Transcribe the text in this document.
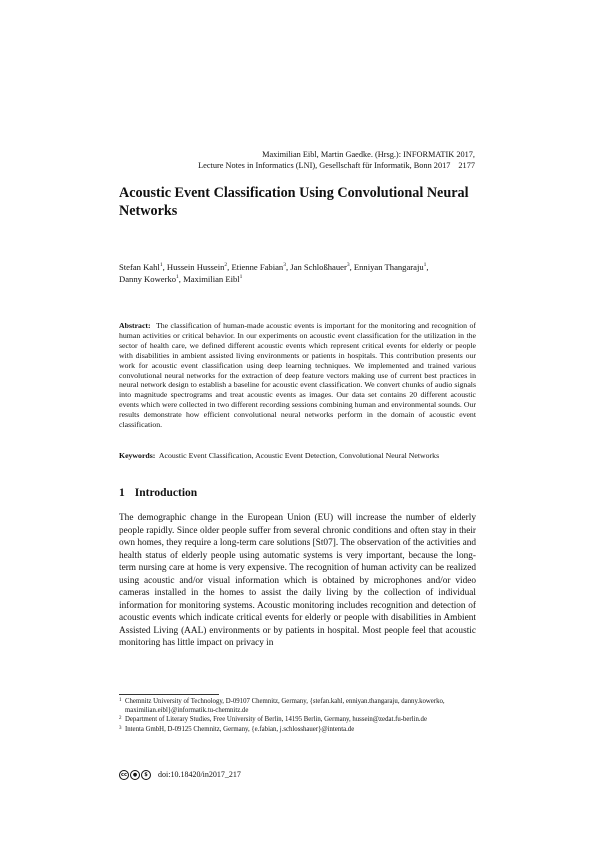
Maximilian Eibl, Martin Gaedke. (Hrsg.): INFORMATIK 2017,
Lecture Notes in Informatics (LNI), Gesellschaft für Informatik, Bonn 2017 2177
Acoustic Event Classification Using Convolutional Neural Networks
Stefan Kahl$^1$, Hussein Hussein$^2$, Etienne Fabian$^3$, Jan Schloßhauer$^3$, Enniyan Thangaraju$^1$, Danny Kowerko$^1$, Maximilian Eibl$^1$

Abstract: The classification of human-made acoustic events is important for the monitoring and recognition of human activities or critical behavior. In our experiments on acoustic event classification for the utilization in the sector of health care, we defined different acoustic events which represent critical events for elderly or people with disabilities in ambient assisted living environments or patients in hospitals. This contribution presents our work for acoustic event classification using deep learning techniques. We implemented and trained various convolutional neural networks for the extraction of deep feature vectors making use of current best practices in neural network design to establish a baseline for acoustic event classification. We convert chunks of audio signals into magnitude spectrograms and treat acoustic events as images. Our data set contains 20 different acoustic events which were collected in two different recording sessions combining human and environmental sounds. Our results demonstrate how efficient convolutional neural networks perform in the domain of acoustic event classification.

Keywords: Acoustic Event Classification, Acoustic Event Detection, Convolutional Neural Networks

1 Introduction

The demographic change in the European Union (EU) will increase the number of elderly people rapidly. Since older people suffer from several chronic conditions and often stay in their own homes, they require a long-term care solutions [St07]. The observation of the activities and health status of elderly people using automatic systems is very important, because the long-term nursing care at home is very expensive. The recognition of human activity can be realized using acoustic and/or visual information which is obtained by microphones and/or video cameras installed in the homes to assist the daily living by the collection of individual information for monitoring systems. Acoustic monitoring includes recognition and detection of acoustic events which indicate critical events for elderly or people with disabilities in Ambient Assisted Living (AAL) environments or by patients in hospital. Most people feel that acoustic monitoring has little impact on privacy in

1 Chemnitz University of Technology, D-09107 Chemnitz, Germany, {stefan.kahl, enniyan.thangaraju, danny.kowerko, maximilian.eibl}@informatik.tu-chemnitz.de
2 Department of Literary Studies, Free University of Berlin, 14195 Berlin, Germany, hussein@zedat.fu-berlin.de
3 Intenta GmbH, D-09125 Chemnitz, Germany, {e.fabian, j.schlosshauer}@intenta.de
cc	●	$	doi:10.18420/in2017_217
